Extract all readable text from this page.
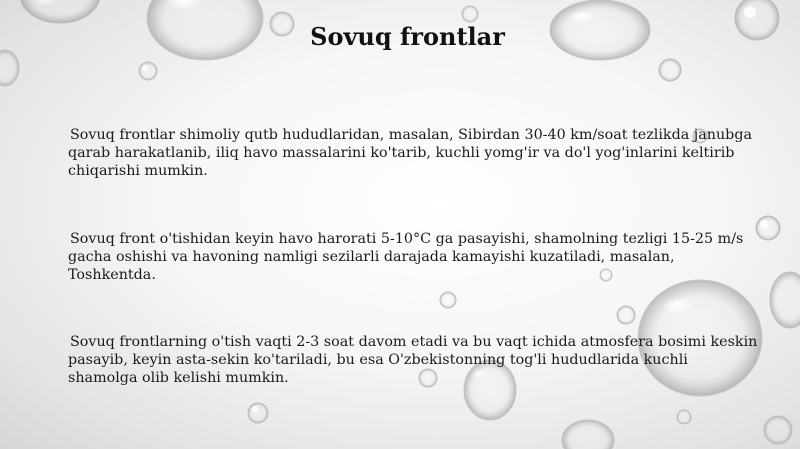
Sovuq frontlar

Sovuq frontlar shimoliy qutb hududlaridan, masalan, Sibirdan 30-40 km/soat tezlikda janubga qarab harakatlanib, iliq havo massalarini ko'tarib, kuchli yomg'ir va do'l yog'inlarini keltirib chiqarishi mumkin.

Sovuq front o'tishidan keyin havo harorati 5-10°C ga pasayishi, shamolning tezligi 15-25 m/s gacha oshishi va havoning namligi sezilarli darajada kamayishi kuzatiladi, masalan, Toshkentda.

Sovuq frontlarning o'tish vaqti 2-3 soat davom etadi va bu vaqt ichida atmosfera bosimi keskin pasayib, keyin asta-sekin ko'tariladi, bu esa O'zbekistonning tog'li hududlarida kuchli shamolga olib kelishi mumkin.
